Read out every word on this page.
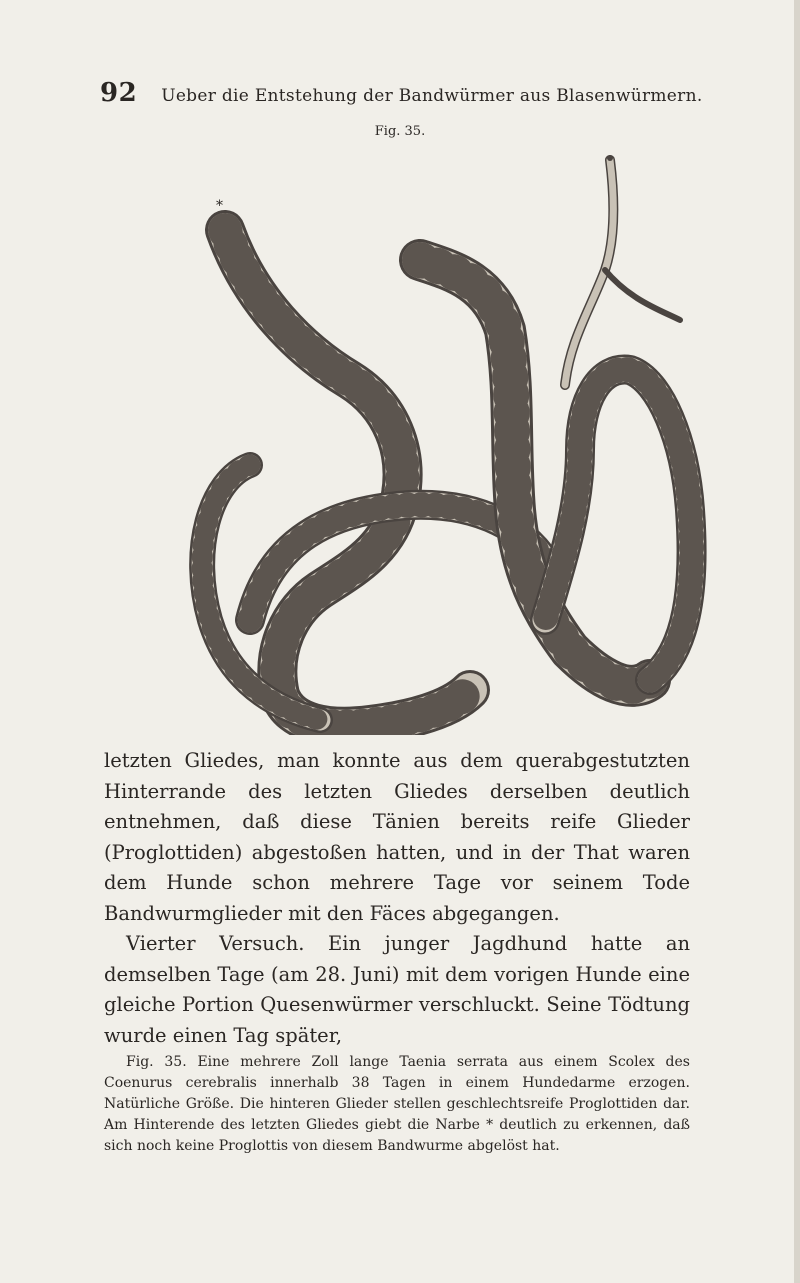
92 Ueber die Entstehung der Bandwürmer aus Blasenwürmern.
Fig. 35.
*

letzten Gliedes, man konnte aus dem querabgestutzten Hinterrande des letzten Gliedes derselben deutlich entnehmen, daß diese Tänien bereits reife Glieder (Proglottiden) abgestoßen hatten, und in der That waren dem Hunde schon mehrere Tage vor seinem Tode Bandwurmglieder mit den Fäces abgegangen.

Vierter Versuch. Ein junger Jagdhund hatte an demselben Tage (am 28. Juni) mit dem vorigen Hunde eine gleiche Portion Quesenwürmer verschluckt. Seine Tödtung wurde einen Tag später,

Fig. 35. Eine mehrere Zoll lange Taenia serrata aus einem Scolex des Coenurus cerebralis innerhalb 38 Tagen in einem Hundedarme erzogen. Natürliche Größe. Die hinteren Glieder stellen geschlechtsreife Proglottiden dar. Am Hinterende des letzten Gliedes giebt die Narbe * deutlich zu erkennen, daß sich noch keine Proglottis von diesem Bandwurme abgelöst hat.
